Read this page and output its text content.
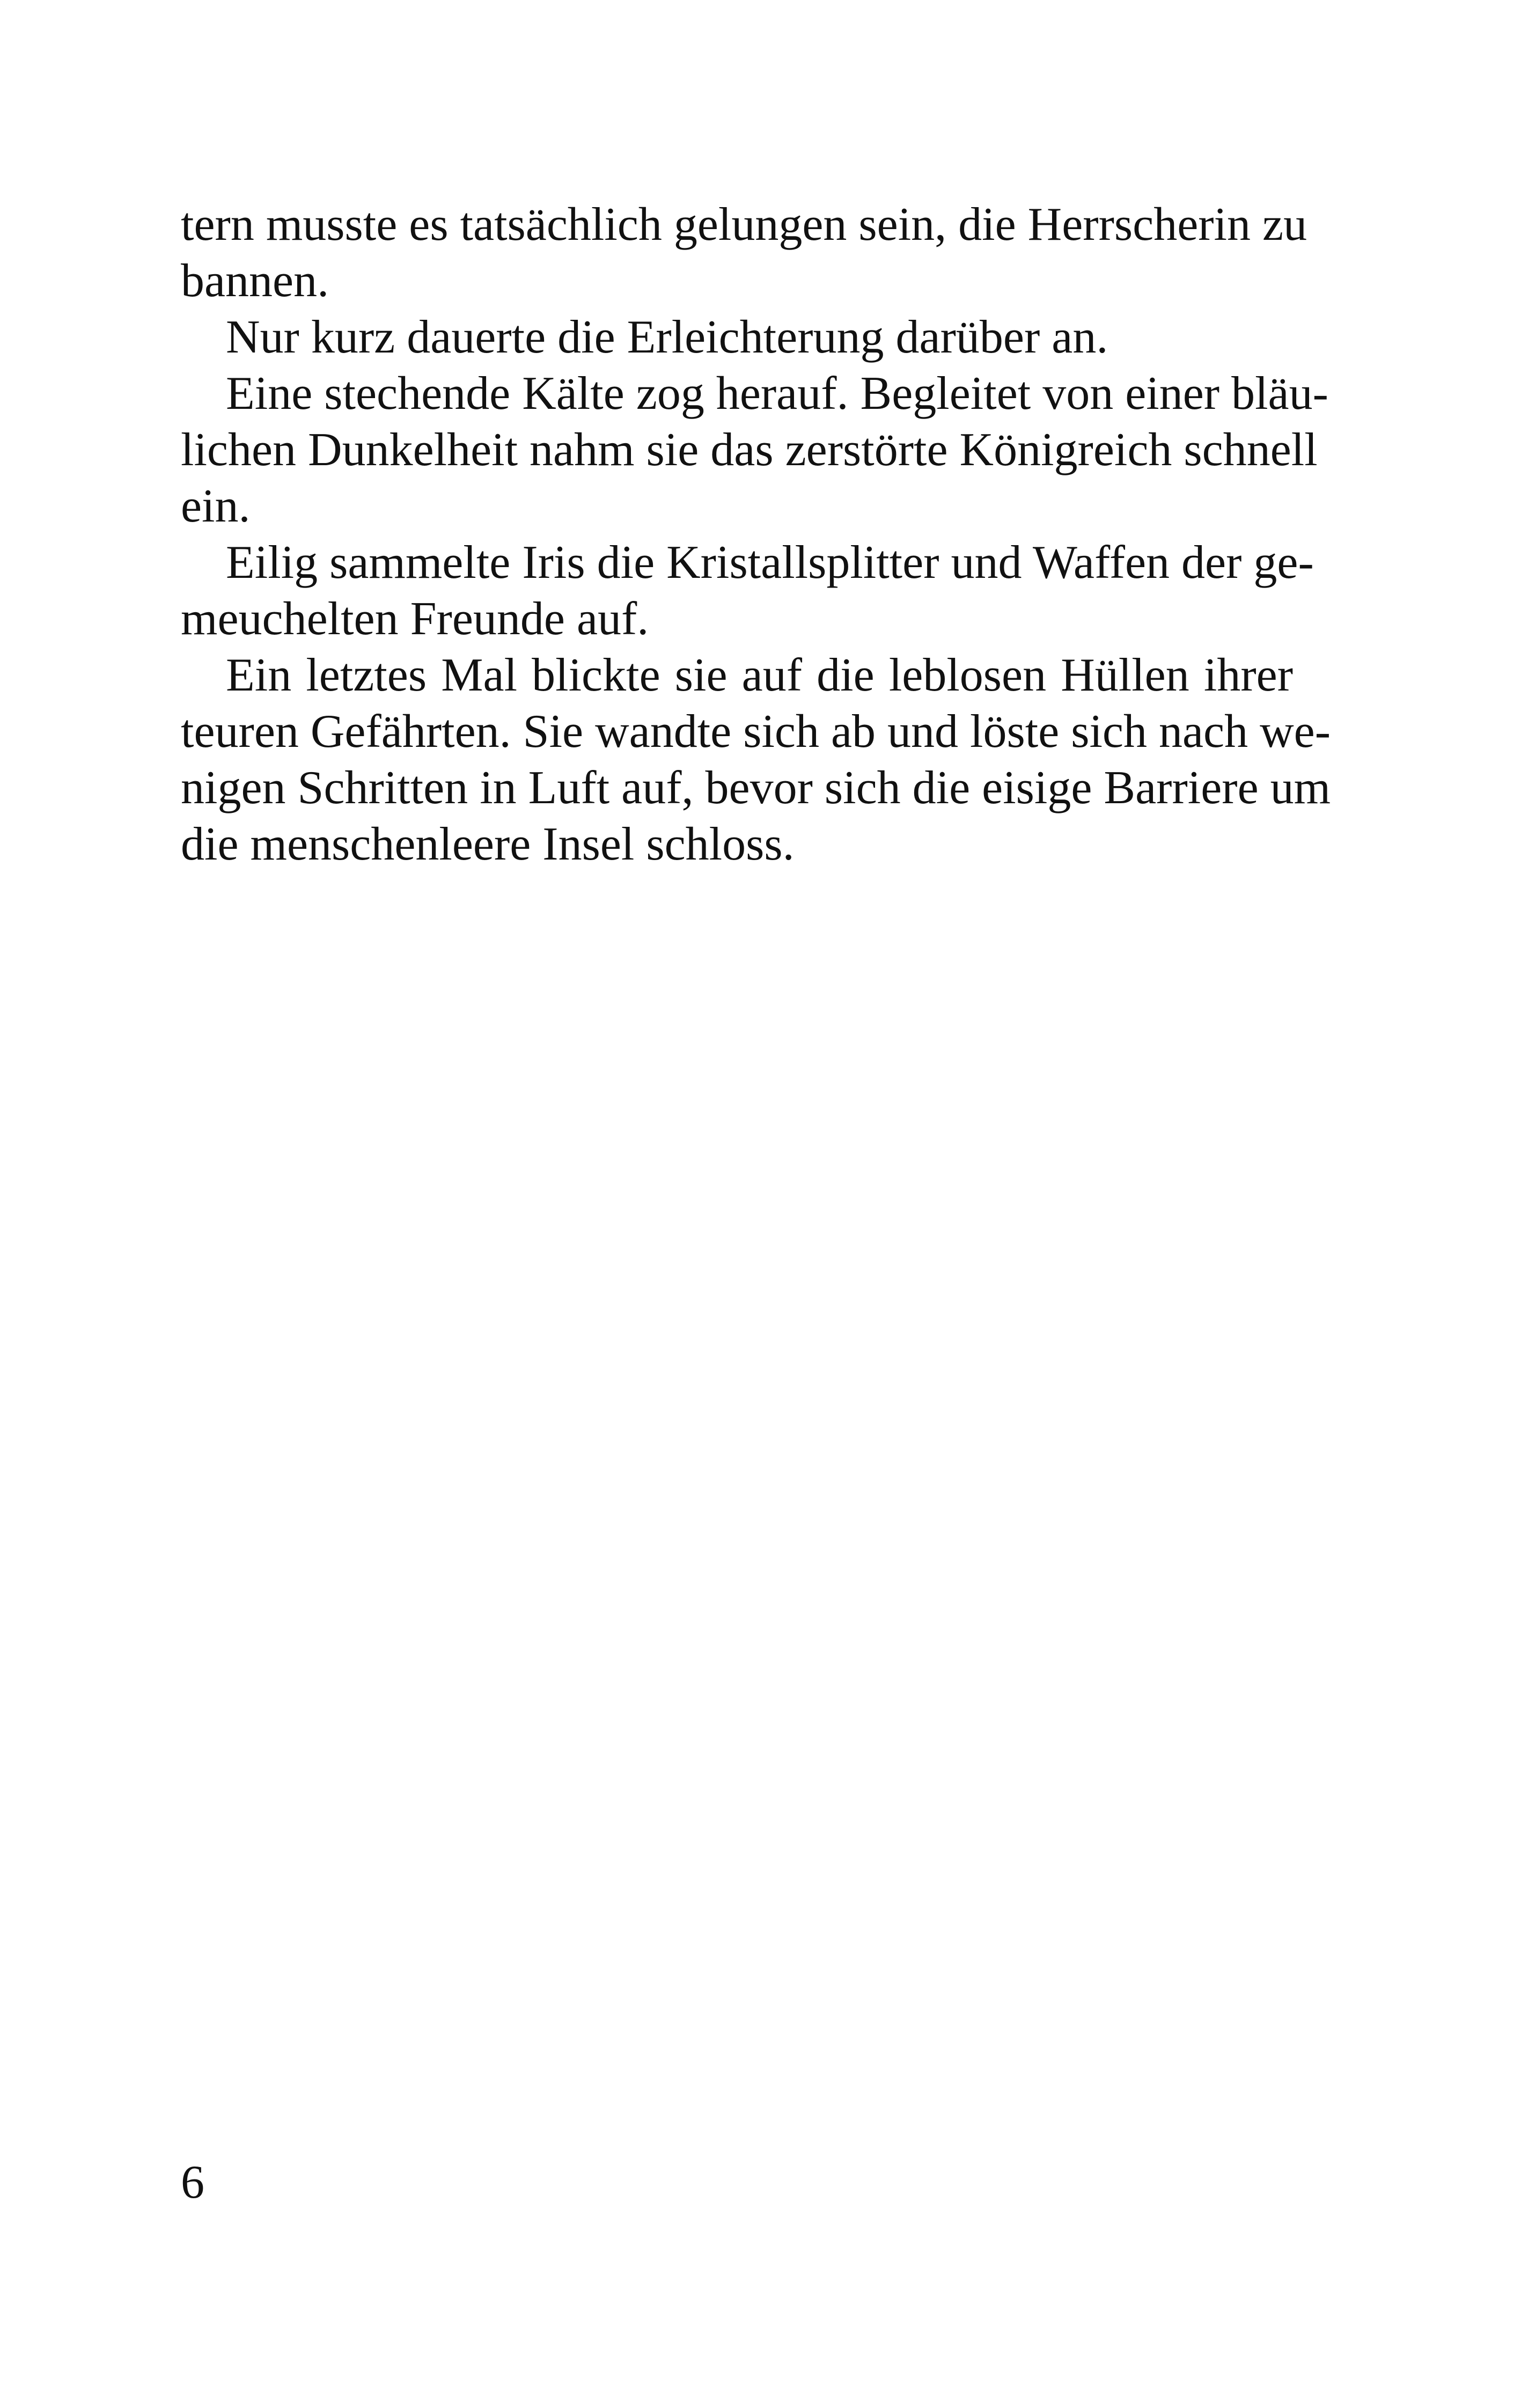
tern musste es tatsächlich gelungen sein, die Herrscherin zu
bannen.
Nur kurz dauerte die Erleichterung darüber an.
Eine stechende Kälte zog herauf. Begleitet von einer bläu-
lichen Dunkelheit nahm sie das zerstörte Königreich schnell
ein.
Eilig sammelte Iris die Kristallsplitter und Waffen der ge-
meuchelten Freunde auf.
Ein letztes Mal blickte sie auf die leblosen Hüllen ihrer
teuren Gefährten. Sie wandte sich ab und löste sich nach we-
nigen Schritten in Luft auf, bevor sich die eisige Barriere um
die menschenleere Insel schloss.
6
